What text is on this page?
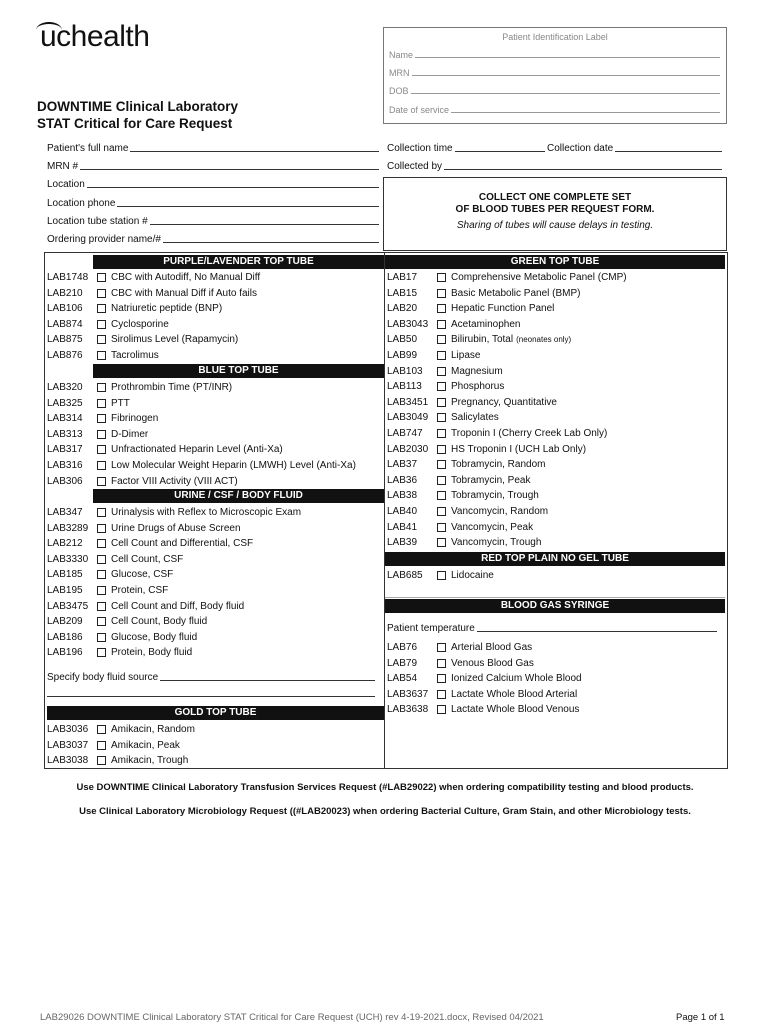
uchealth
DOWNTIME Clinical Laboratory
STAT Critical for Care Request
Patient Identification Label
Name
MRN
DOB
Date of service
Patient's full name
MRN #
Location
Location phone
Location tube station #
Ordering provider name/#
Collection time	Collection date
Collected by
COLLECT ONE COMPLETE SET
OF BLOOD TUBES PER REQUEST FORM.
Sharing of tubes will cause delays in testing.
PURPLE/LAVENDER TOP TUBE
LAB1748	CBC with Autodiff, No Manual Diff
LAB210	CBC with Manual Diff if Auto fails
LAB106	Natriuretic peptide (BNP)
LAB874	Cyclosporine
LAB875	Sirolimus Level (Rapamycin)
LAB876	Tacrolimus
BLUE TOP TUBE
LAB320	Prothrombin Time (PT/INR)
LAB325	PTT
LAB314	Fibrinogen
LAB313	D-Dimer
LAB317	Unfractionated Heparin Level (Anti-Xa)
LAB316	Low Molecular Weight Heparin (LMWH) Level (Anti-Xa)
LAB306	Factor VIII Activity (VIII ACT)
URINE / CSF / BODY FLUID
LAB347	Urinalysis with Reflex to Microscopic Exam
LAB3289	Urine Drugs of Abuse Screen
LAB212	Cell Count and Differential, CSF
LAB3330	Cell Count, CSF
LAB185	Glucose, CSF
LAB195	Protein, CSF
LAB3475	Cell Count and Diff, Body fluid
LAB209	Cell Count, Body fluid
LAB186	Glucose, Body fluid
LAB196	Protein, Body fluid
Specify body fluid source
GOLD TOP TUBE
LAB3036	Amikacin, Random
LAB3037	Amikacin, Peak
LAB3038	Amikacin, Trough
GREEN TOP TUBE
LAB17	Comprehensive Metabolic Panel (CMP)
LAB15	Basic Metabolic Panel (BMP)
LAB20	Hepatic Function Panel
LAB3043	Acetaminophen
LAB50	Bilirubin, Total (neonates only)
LAB99	Lipase
LAB103	Magnesium
LAB113	Phosphorus
LAB3451	Pregnancy, Quantitative
LAB3049	Salicylates
LAB747	Troponin I (Cherry Creek Lab Only)
LAB2030	HS Troponin I (UCH Lab Only)
LAB37	Tobramycin, Random
LAB36	Tobramycin, Peak
LAB38	Tobramycin, Trough
LAB40	Vancomycin, Random
LAB41	Vancomycin, Peak
LAB39	Vancomycin, Trough
RED TOP PLAIN NO GEL TUBE
LAB685	Lidocaine
BLOOD GAS SYRINGE
Patient temperature
LAB76	Arterial Blood Gas
LAB79	Venous Blood Gas
LAB54	Ionized Calcium Whole Blood
LAB3637	Lactate Whole Blood Arterial
LAB3638	Lactate Whole Blood Venous
Use DOWNTIME Clinical Laboratory Transfusion Services Request (#LAB29022) when ordering compatibility testing and blood products.
Use Clinical Laboratory Microbiology Request ((#LAB20023) when ordering Bacterial Culture, Gram Stain, and other Microbiology tests.
LAB29026 DOWNTIME Clinical Laboratory STAT Critical for Care Request (UCH) rev 4-19-2021.docx, Revised 04/2021	Page 1 of 1
